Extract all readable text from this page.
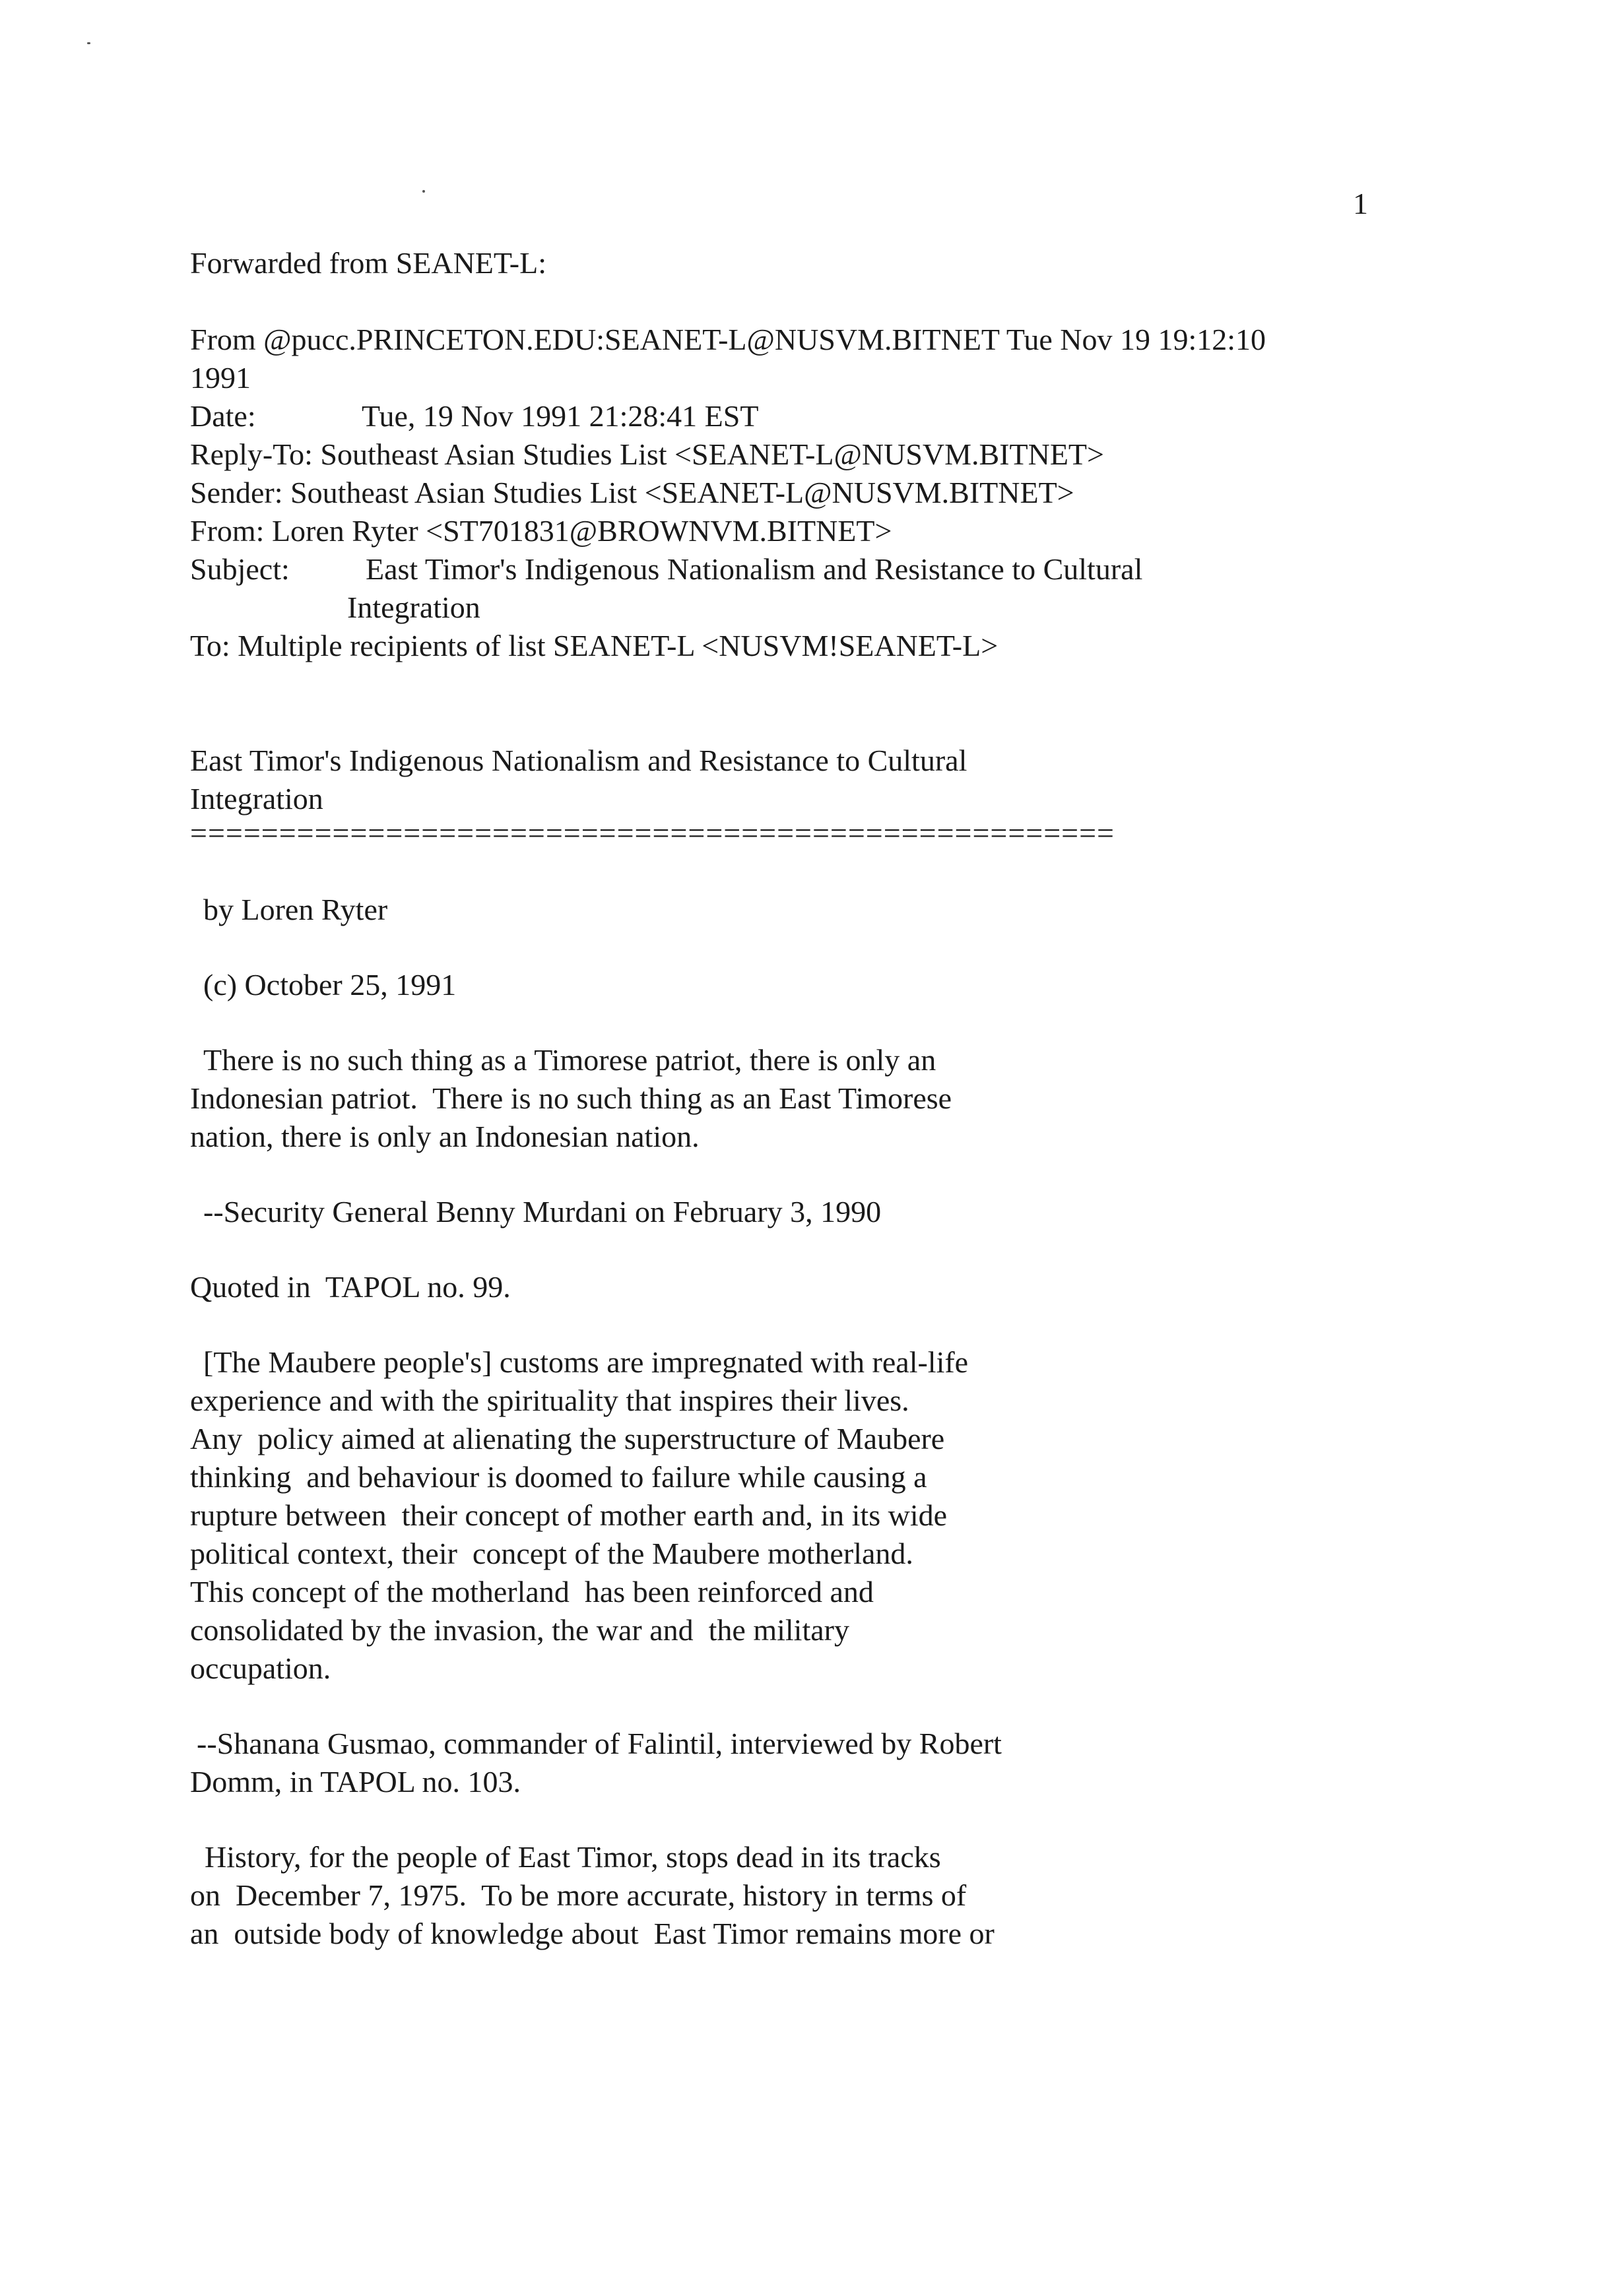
1

Forwarded from SEANET-L:
From @pucc.PRINCETON.EDU:SEANET-L@NUSVM.BITNET Tue Nov 19 19:12:10
1991
Date:	Tue, 19 Nov 1991 21:28:41 EST
Reply-To: Southeast Asian Studies List <SEANET-L@NUSVM.BITNET>
Sender: Southeast Asian Studies List <SEANET-L@NUSVM.BITNET>
From: Loren Ryter <ST701831@BROWNVM.BITNET>
Subject:	East Timor's Indigenous Nationalism and Resistance to Cultural
Integration
To: Multiple recipients of list SEANET-L <NUSVM!SEANET-L>
East Timor's Indigenous Nationalism and Resistance to Cultural
Integration
====================================================
by Loren Ryter
(c) October 25, 1991
There is no such thing as a Timorese patriot, there is only an
Indonesian patriot.  There is no such thing as an East Timorese
nation, there is only an Indonesian nation.
--Security General Benny Murdani on February 3, 1990
Quoted in  TAPOL no. 99.
[The Maubere people's] customs are impregnated with real-life
experience and with the spirituality that inspires their lives.
Any  policy aimed at alienating the superstructure of Maubere
thinking  and behaviour is doomed to failure while causing a
rupture between  their concept of mother earth and, in its wide
political context, their  concept of the Maubere motherland.
This concept of the motherland  has been reinforced and
consolidated by the invasion, the war and  the military
occupation.
--Shanana Gusmao, commander of Falintil, interviewed by Robert
Domm, in TAPOL no. 103.
History, for the people of East Timor, stops dead in its tracks
on  December 7, 1975.  To be more accurate, history in terms of
an  outside body of knowledge about  East Timor remains more or
